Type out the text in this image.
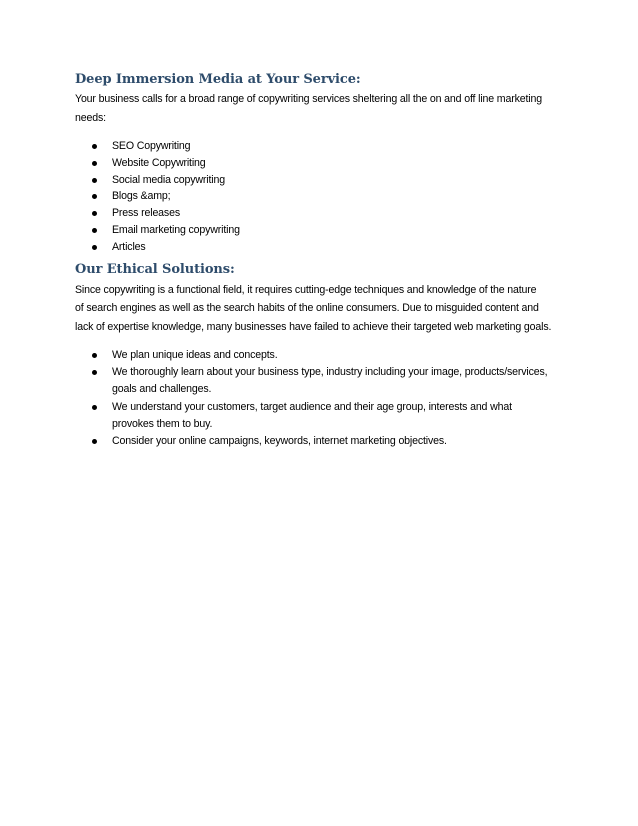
Deep Immersion Media at Your Service:

Your business calls for a broad range of copywriting services sheltering all the on and off line marketing
needs:

SEO Copywriting
Website Copywriting
Social media copywriting
Blogs &amp;
Press releases
Email marketing copywriting
Articles
Our Ethical Solutions:

Since copywriting is a functional field, it requires cutting-edge techniques and knowledge of the nature
of search engines as well as the search habits of the online consumers. Due to misguided content and
lack of expertise knowledge, many businesses have failed to achieve their targeted web marketing goals.

We plan unique ideas and concepts.
We thoroughly learn about your business type, industry including your image, products/services,
goals and challenges.
We understand your customers, target audience and their age group, interests and what
provokes them to buy.
Consider your online campaigns, keywords, internet marketing objectives.
